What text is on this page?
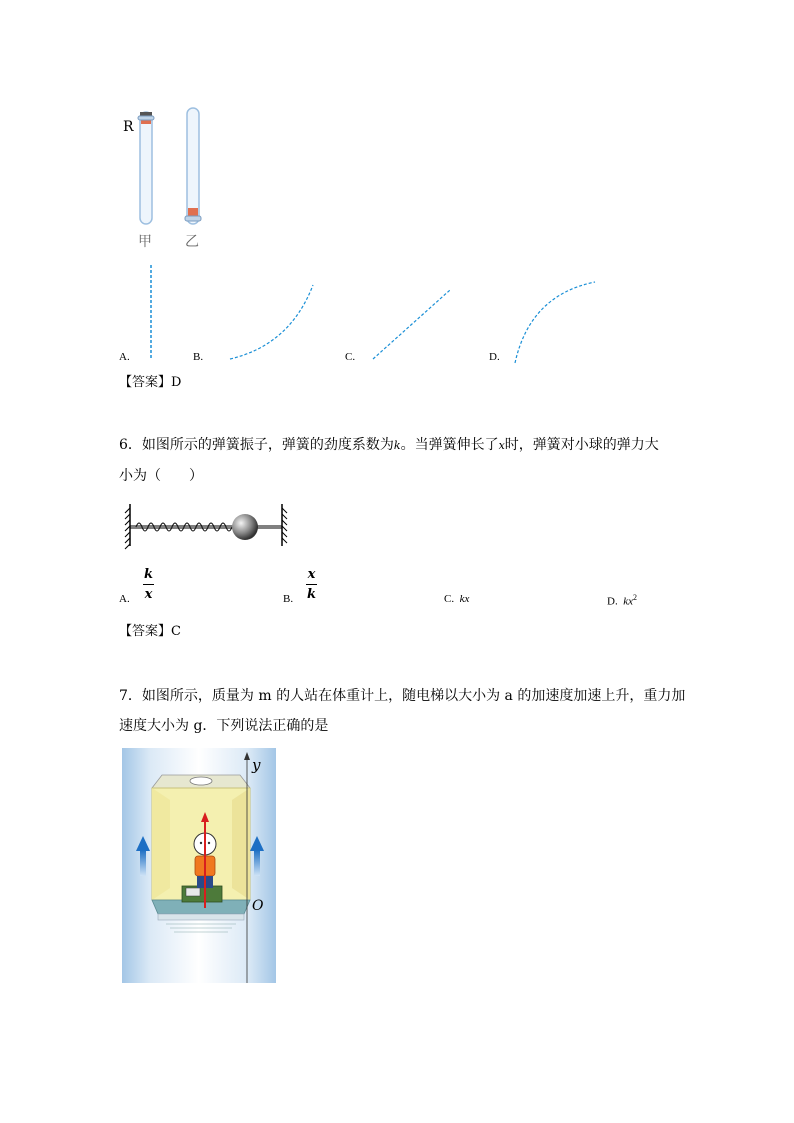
R
甲 乙
A.	B.	C.	D.
【答案】D
6．如图所示的弹簧振子，弹簧的劲度系数为k。当弹簧伸长了x时，弹簧对小球的弹力大
小为（　　）
A.
k
x	B.
x
k	C. kx	D. $kx^2$
【答案】C
7．如图所示，质量为 m 的人站在体重计上，随电梯以大小为 a 的加速度加速上升，重力加
速度大小为 g．下列说法正确的是
y
O
